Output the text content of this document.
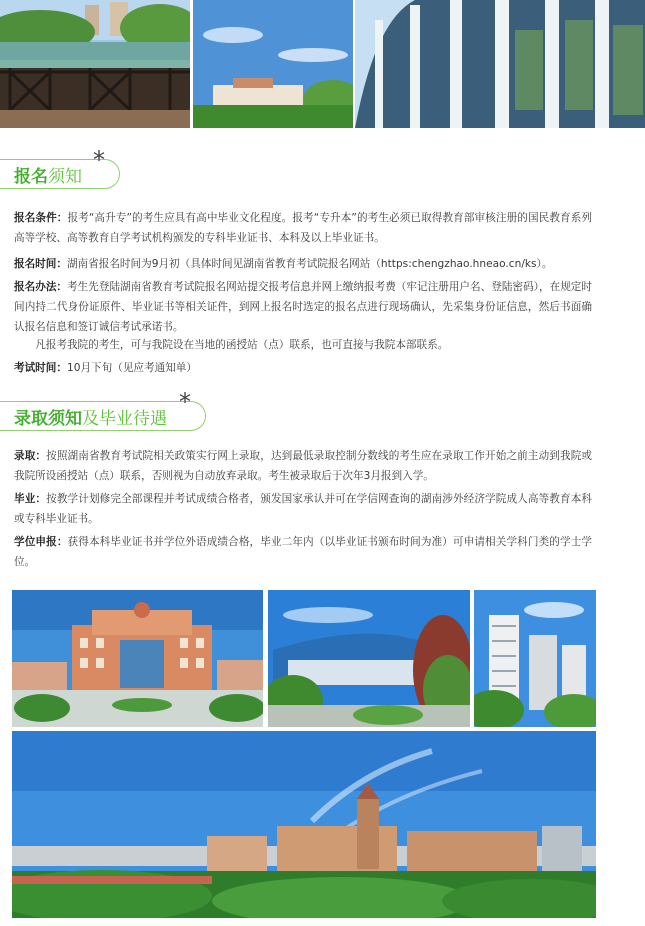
报名 须知
*
报名条件：报考“高升专”的考生应具有高中毕业文化程度。报考“专升本”的考生必须已取得教育部审核注册的国民教育系列高等学校、高等教育自学考试机构颁发的专科毕业证书、本科及以上毕业证书。
报名时间：湖南省报名时间为9月初（具体时间见湖南省教育考试院报名网站（https:chengzhao.hneao.cn/ks）。
报名办法：考生先登陆湖南省教育考试院报名网站提交报考信息并网上缴纳报考费（牢记注册用户名、登陆密码），在规定时间内持二代身份证原件、毕业证书等相关证件，到网上报名时选定的报名点进行现场确认，先采集身份证信息，然后书面确认报名信息和签订诚信考试承诺书。
凡报考我院的考生，可与我院设在当地的函授站（点）联系，也可直接与我院本部联系。
考试时间：10月下旬（见应考通知单）
录取须知 及毕业待遇
*
录取：按照湖南省教育考试院相关政策实行网上录取，达到最低录取控制分数线的考生应在录取工作开始之前主动到我院或我院所设函授站（点）联系，否则视为自动放弃录取。考生被录取后于次年3月报到入学。
毕业：按教学计划修完全部课程并考试成绩合格者，颁发国家承认并可在学信网查询的湖南涉外经济学院成人高等教育本科或专科毕业证书。
学位申报：获得本科毕业证书并学位外语成绩合格，毕业二年内（以毕业证书颁布时间为准）可申请相关学科门类的学士学位。
